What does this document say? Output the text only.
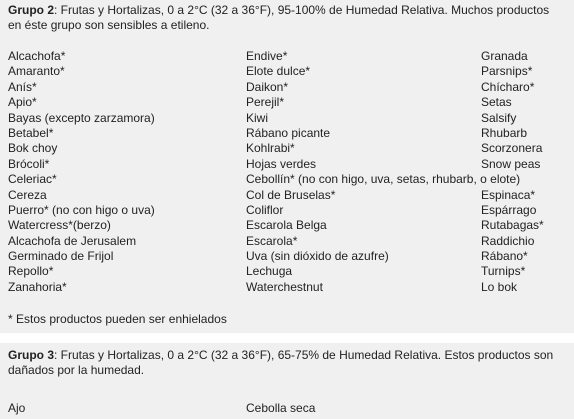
Grupo 2: Frutas y Hortalizas, 0 a 2°C (32 a 36°F), 95-100% de Humedad Relativa. Muchos productos en éste grupo son sensibles a etileno.
Alcachofa*
Amaranto*
Anís*
Apio*
Bayas (excepto zarzamora)
Betabel*
Bok choy
Brócoli*
Celeriac*
Cereza
Puerro* (no con higo o uva)
Watercress*(berzo)
Alcachofa de Jerusalem
Germinado de Frijol
Repollo*
Zanahoria*
Endive*
Elote dulce*
Daikon*
Perejil*
Kiwi
Rábano picante
Kohlrabi*
Hojas verdes
Cebollín* (no con higo, uva, setas, rhubarb, o elote)
Col de Bruselas*
Coliflor
Escarola Belga
Escarola*
Uva (sin dióxido de azufre)
Lechuga
Waterchestnut
Granada
Parsnips*
Chícharo*
Setas
Salsify
Rhubarb
Scorzonera
Snow peas
Espinaca*
Espárrago
Rutabagas*
Raddichio
Rábano*
Turnips*
Lo bok
* Estos productos pueden ser enhielados
Grupo 3: Frutas y Hortalizas, 0 a 2°C (32 a 36°F), 65-75% de Humedad Relativa. Estos productos son dañados por la humedad.
Ajo	Cebolla seca
